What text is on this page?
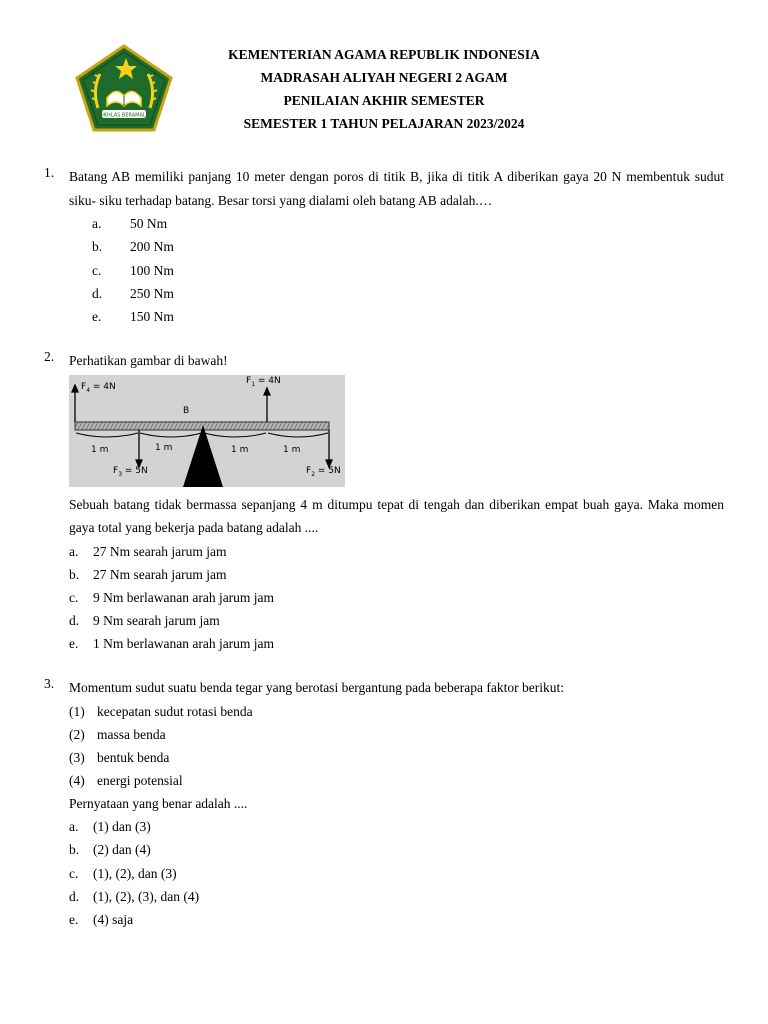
IKHLAS BERAMAL
KEMENTERIAN AGAMA REPUBLIK INDONESIA
MADRASAH ALIYAH NEGERI 2 AGAM
PENILAIAN AKHIR SEMESTER
SEMESTER 1 TAHUN PELAJARAN 2023/2024
1. Batang AB memiliki panjang 10 meter dengan poros di titik B, jika di titik A diberikan gaya 20 N membentuk sudut siku- siku terhadap batang. Besar torsi yang dialami oleh batang AB adalah.…
a. 50 Nm
b. 200 Nm
c. 100 Nm
d. 250 Nm
e. 150 Nm
2. Perhatikan gambar di bawah!
$F_4 = 4N$
$F_1 = 4N$
$F_3 = 5N$	$F_2 = 5N$
B
1 m	1 m	1 m	1 m
Sebuah batang tidak bermassa sepanjang 4 m ditumpu tepat di tengah dan diberikan empat buah gaya. Maka momen gaya total yang bekerja pada batang adalah ....
a. 27 Nm searah jarum jam
b. 27 Nm searah jarum jam
c. 9 Nm berlawanan arah jarum jam
d. 9 Nm searah jarum jam
e. 1 Nm berlawanan arah jarum jam
3. Momentum sudut suatu benda tegar yang berotasi bergantung pada beberapa faktor berikut:
(1) kecepatan sudut rotasi benda
(2) massa benda
(3) bentuk benda
(4) energi potensial
Pernyataan yang benar adalah ....
a. (1) dan (3)
b. (2) dan (4)
c. (1), (2), dan (3)
d. (1), (2), (3), dan (4)
e. (4) saja
